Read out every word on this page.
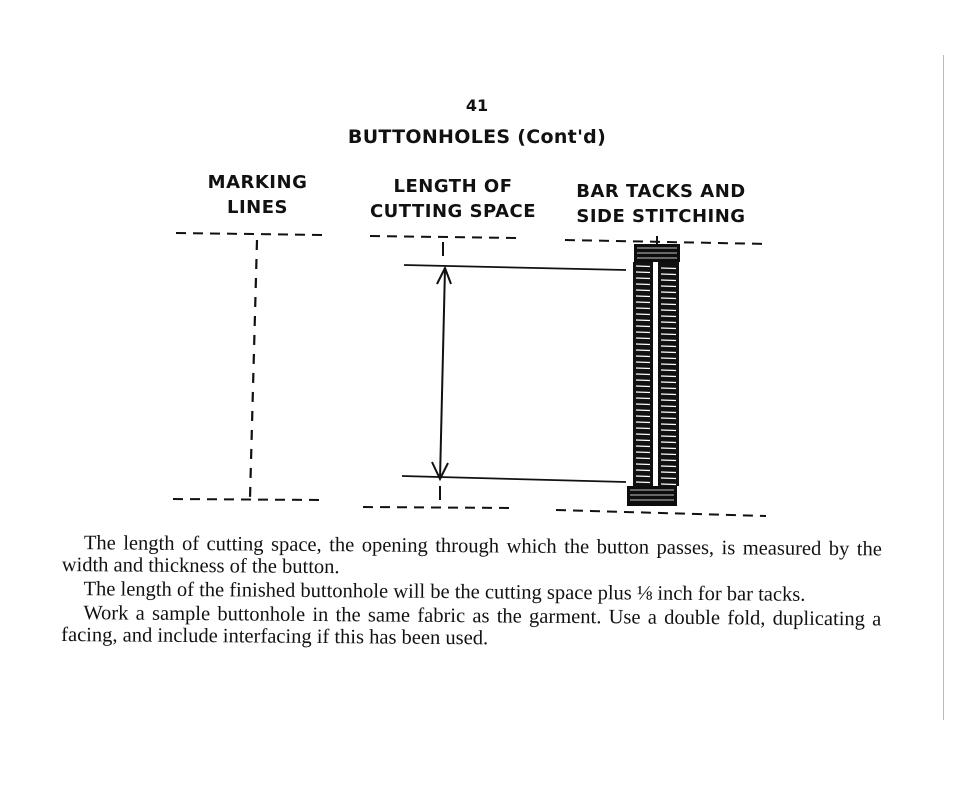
41
BUTTONHOLES (Cont'd)
MARKING
LINES
LENGTH OF
CUTTING SPACE
BAR TACKS AND
SIDE STITCHING

The length of cutting space, the opening through which the button passes, is measured by the width and thickness of the button.

The length of the finished buttonhole will be the cutting space plus ⅛ inch for bar tacks.

Work a sample buttonhole in the same fabric as the garment. Use a double fold, duplicating a facing, and include interfacing if this has been used.
